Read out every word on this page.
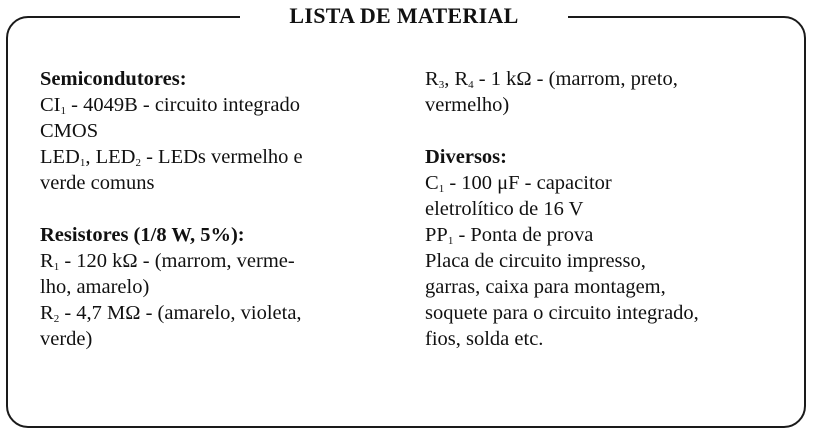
LISTA DE MATERIAL
Semicondutores:
$CI_1 - 4049B$ - circuito integrado
CMOS
$LED_1$, $LED_2$ - LEDs vermelho e
verde comuns
Resistores (1/8 W, 5%):
$R_1 - 120$ kΩ - (marrom, verme-
lho, amarelo)
$R_2 - 4,7$ MΩ - (amarelo, violeta,
verde)
$R_3$, $R_4 - 1$ kΩ - (marrom, preto,
vermelho)
Diversos:
$C_1 - 100$ μF - capacitor
eletrolítico de 16 V
$PP_1$ - Ponta de prova
Placa de circuito impresso,
garras, caixa para montagem,
soquete para o circuito integrado,
fios, solda etc.
